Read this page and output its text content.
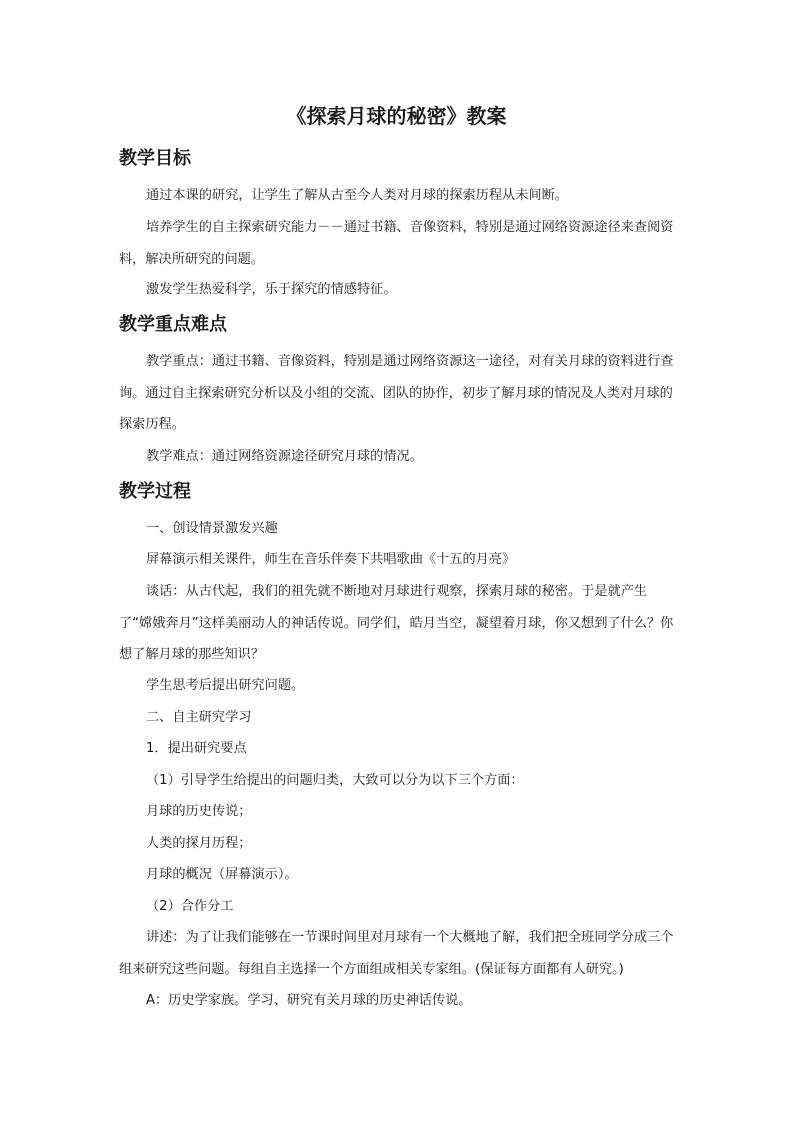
《探索月球的秘密》教案
教学目标
通过本课的研究，让学生了解从古至今人类对月球的探索历程从未间断。
培养学生的自主探索研究能力－－通过书籍、音像资料，特别是通过网络资源途径来查阅资料，解决所研究的问题。
激发学生热爱科学，乐于探究的情感特征。
教学重点难点
教学重点：通过书籍、音像资料，特别是通过网络资源这一途径，对有关月球的资料进行查询。通过自主探索研究分析以及小组的交流、团队的协作，初步了解月球的情况及人类对月球的探索历程。
教学难点：通过网络资源途径研究月球的情况。
教学过程
一、创设情景激发兴趣
屏幕演示相关课件，师生在音乐伴奏下共唱歌曲《十五的月亮》
谈话：从古代起，我们的祖先就不断地对月球进行观察，探索月球的秘密。于是就产生了“嫦娥奔月”这样美丽动人的神话传说。同学们，皓月当空，凝望着月球，你又想到了什么？你想了解月球的那些知识？
学生思考后提出研究问题。
二、自主研究学习
1．提出研究要点
（1）引导学生给提出的问题归类，大致可以分为以下三个方面：
月球的历史传说；
人类的探月历程；
月球的概况（屏幕演示）。
（2）合作分工
讲述：为了让我们能够在一节课时间里对月球有一个大概地了解，我们把全班同学分成三个组来研究这些问题。每组自主选择一个方面组成相关专家组。(保证每方面都有人研究。)
A：历史学家族。学习、研究有关月球的历史神话传说。
